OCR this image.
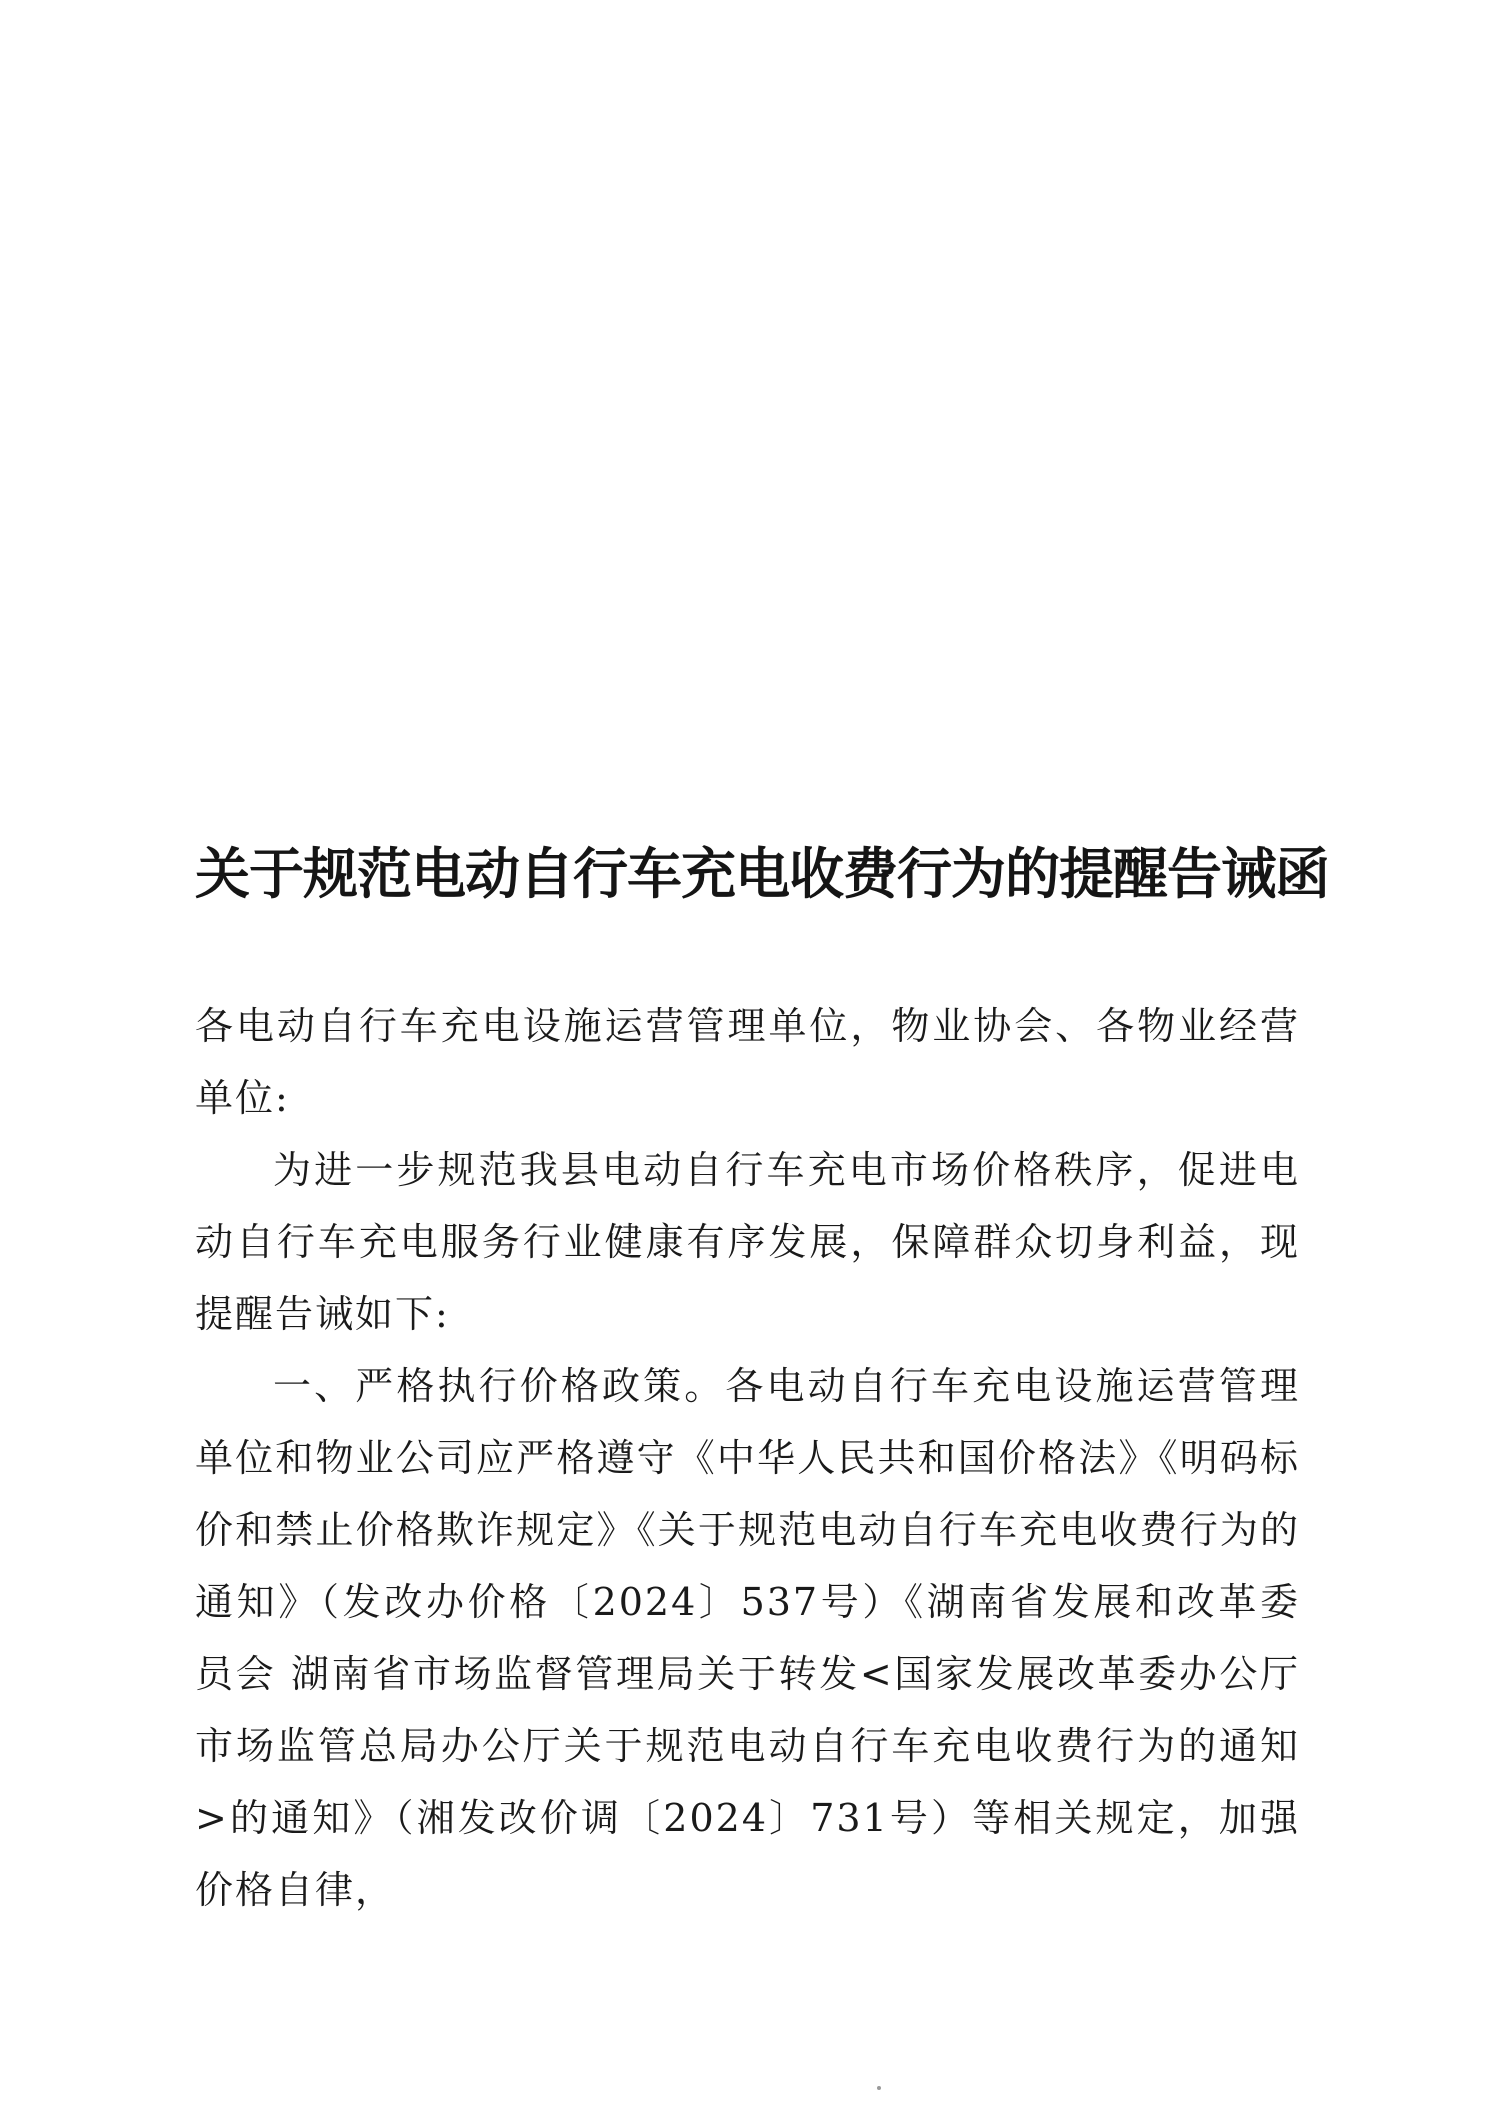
关于规范电动自行车充电收费行为的提醒告诫函

各电动自行车充电设施运营管理单位，物业协会、各物业经营单位:

为进一步规范我县电动自行车充电市场价格秩序，促进电动自行车充电服务行业健康有序发展，保障群众切身利益，现提醒告诫如下:

一、严格执行价格政策。各电动自行车充电设施运营管理单位和物业公司应严格遵守《中华人民共和国价格法》《明码标价和禁止价格欺诈规定》《关于规范电动自行车充电收费行为的通知》（发改办价格〔2024〕537号）《湖南省发展和改革委员会 湖南省市场监督管理局关于转发<国家发展改革委办公厅 市场监管总局办公厅关于规范电动自行车充电收费行为的通知>的通知》（湘发改价调〔2024〕731号）等相关规定，加强价格自律，
